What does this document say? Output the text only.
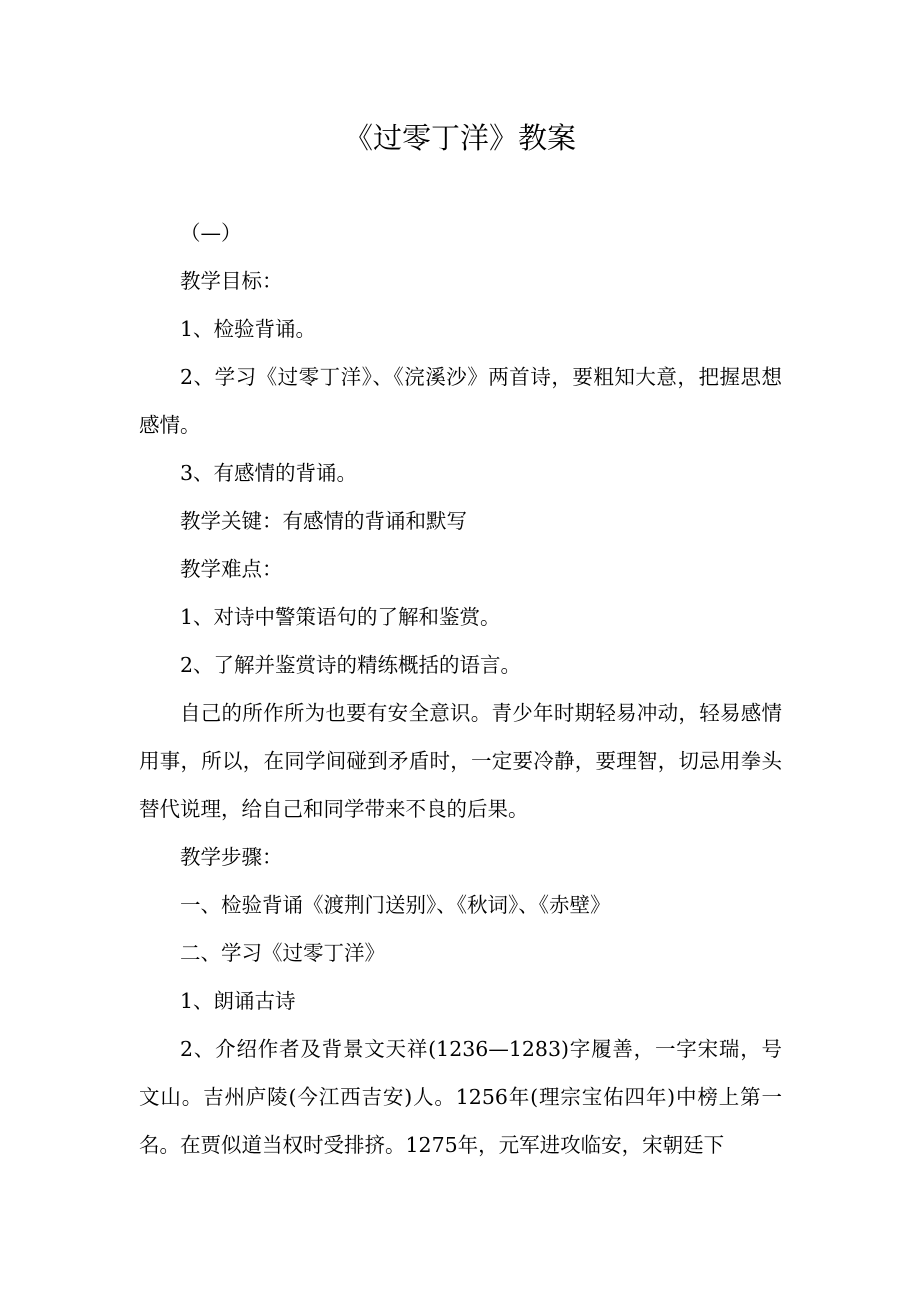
《过零丁洋》教案

（—）

教学目标：

1、检验背诵。

2、学习《过零丁洋》、《浣溪沙》两首诗，要粗知大意，把握思想感情。

3、有感情的背诵。

教学关键：有感情的背诵和默写

教学难点：

1、对诗中警策语句的了解和鉴赏。

2、了解并鉴赏诗的精练概括的语言。

自己的所作所为也要有安全意识。青少年时期轻易冲动，轻易感情用事，所以，在同学间碰到矛盾时，一定要冷静，要理智，切忌用拳头替代说理，给自己和同学带来不良的后果。

教学步骤：

一、检验背诵《渡荆门送别》、《秋词》、《赤壁》

二、学习《过零丁洋》

1、朗诵古诗

2、介绍作者及背景文天祥(1236—1283)字履善，一字宋瑞，号文山。吉州庐陵(今江西吉安)人。1256年(理宗宝佑四年)中榜上第一名。在贾似道当权时受排挤。1275年，元军进攻临安，宋朝廷下
